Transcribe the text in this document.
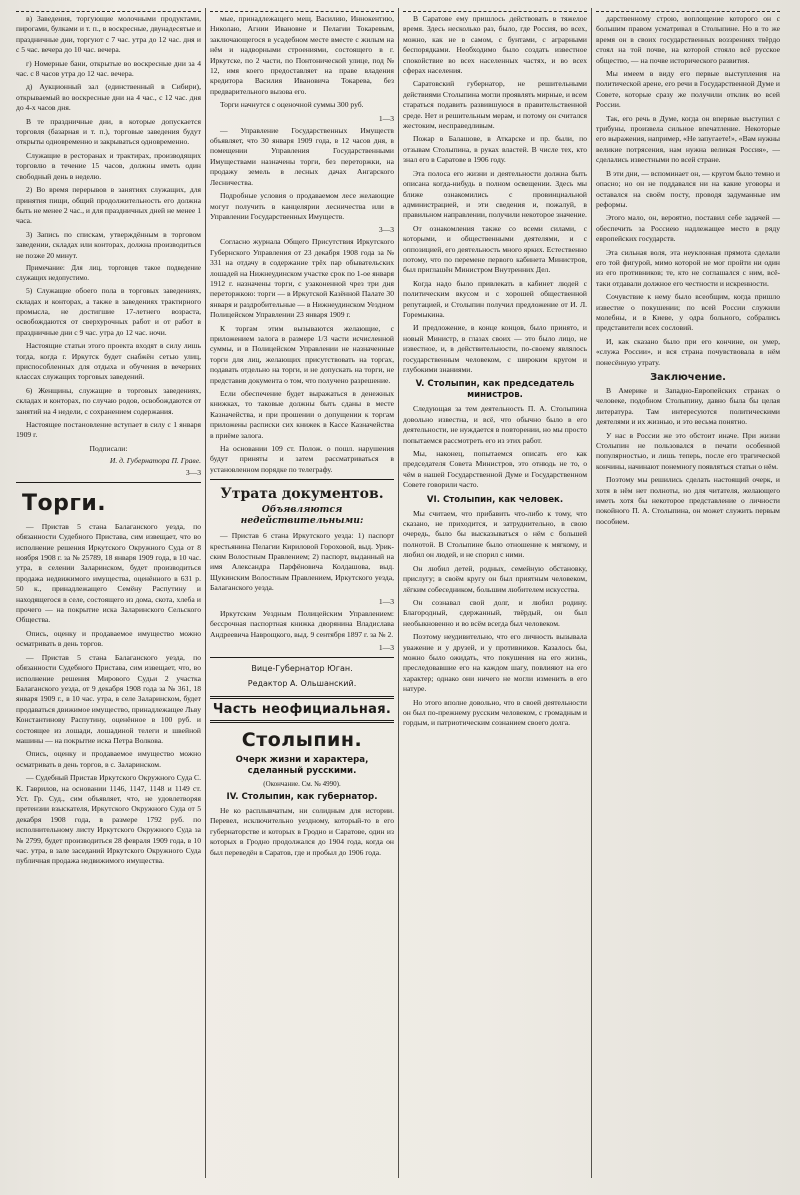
в) Заведения, торгующие молочными продуктами, пирогами, булками и т. п., в воскресные, двунадесятые и праздничные дни, торгуют с 7 час. утра до 12 час. дня и с 5 час. вечера до 10 час. вечера.

г) Номерные бани, открытые во воскресные дни за 4 час. с 8 часов утра до 12 час. вечера.

д) Аукционный зал (единственный в Сибири), открываемый во воскресные дни на 4 час., с 12 час. дня до 4-х часов дня.

В те праздничные дни, в которые допускается торговля (базарная и т. п.), торговые заведения будут открыты одновременно и закрываться одновременно.

Служащие в ресторанах и трактирах, производящих торговлю в течение 15 часов, должны иметь один свободный день в неделю.

2) Во время перерывов в занятиях служащих, для принятия пищи, общий продолжительность его должна быть не менее 2 час., и для праздничных дней не менее 1 часа.

3) Запись по спискам, утверждённым в торговом заведении, складах или конторах, должна производиться не позже 20 минут.

Примечание: Для лиц, торговцев такое подведение служащих недопустимо.

5) Служащие обоего пола в торговых заведениях, складах и конторах, а также в заведениях трактирного промысла, не достигшие 17-летнего возраста, освобождаются от сверхурочных работ и от работ в праздничные дни с 9 час. утра до 12 час. ночи.

Настоящие статьи этого проекта входят в силу лишь тогда, когда г. Иркутск будет снабжён сетью улиц, приспособленных для отдыха и обучения в вечерних классах служащих торговых заведений.

6) Женщины, служащие в торговых заведениях, складах и конторах, по случаю родов, освобождаются от занятий на 4 недели, с сохранением содержания.

Настоящее постановление вступает в силу с 1 января 1909 г.

Подписали:

И. д. Губернатора П. Граве.

3—3

Торги.

— Пристав 5 стана Балаганского уезда, по обязанности Судебного Пристава, сим извещает, что во исполнение решения Иркутского Окружного Суда от 8 ноября 1908 г. за № 25789, 18 января 1909 года, в 10 час. утра, в селении Заларинском, будет производиться продажа недвижимого имущества, оценённого в 631 р. 50 к., принадлежащего Семёну Распутину и находящегося в селе, состоящего из дома, скота, хлеба и прочего — на покрытие иска Заларинского Сельского Общества.

Опись, оценку и продаваемое имущество можно осматривать в день торгов.

— Пристав 5 стана Балаганского уезда, по обязанности Судебного Пристава, сим извещает, что, во исполнение решения Мирового Судьи 2 участка Балаганского уезда, от 9 декабря 1908 года за № 361, 18 января 1909 г., в 10 час. утра, в селе Заларинском, будет продаваться движимое имущество, принадлежащее Льву Константинову Распутину, оценённое в 100 руб. и состоящее из лошади, лошадиной телеги и швейной машины — на покрытие иска Петра Волкова.

Опись, оценку и продаваемое имущество можно осматривать в день торгов, в с. Заларинском.

— Судебный Пристав Иркутского Окружного Суда С. К. Гаврилов, на основании 1146, 1147, 1148 и 1149 ст. Уст. Гр. Суд., сим объявляет, что, не удовлетворяя претензии взыскателя, Иркутского Окружного Суда от 5 декабря 1908 года, в размере 1792 руб. по исполнительному листу Иркутского Окружного Суда за № 2799, будет производиться 28 февраля 1909 года, в 10 час. утра, в зале заседаний Иркутского Окружного Суда публичная продажа недвижимого имущества.

мые, принадлежащего мещ. Василию, Иннокентию, Николаю, Агнии Ивановне и Пелагии Токаревым, заключающегося в усадебном месте вместе с жилым на нём и надворными строениями, состоящего в г. Иркутске, по 2 части, по Понтонической улице, под № 12, имя коего предоставляет на праве владения кредитора Василия Ивановича Токарева, без предварительного вызова его.

Торги начнутся с оценочной суммы 300 руб.

1—3

— Управление Государственных Имуществ объявляет, что 30 января 1909 года, в 12 часов дня, в помещении Управления Государственными Имуществами назначены торги, без переторжки, на продажу земель в лесных дачах Ангарского Лесничества.

Подробные условия о продаваемом лесе желающие могут получить в канцелярии лесничества или в Управлении Государственных Имуществ.

3—3

Согласно журнала Общего Присутствия Иркутского Губернского Управления от 23 декабря 1908 года за № 331 на отдачу в содержание трёх пар обывательских лошадей на Нижнеудинском участке срок по 1-ое января 1912 г. назначены торги, с узаконенной чрез три дня переторжкою: торги — в Иркутской Казённой Палате 30 января и раздробительные — в Нижнеудинском Уездном Полицейском Управлении 23 января 1909 г.

К торгам этим вызываются желающие, с приложением залога в размере 1/3 части исчисленной суммы, и в Полицейском Управлении не назначенные торги для лиц, желающих присутствовать на торгах, подавать отдельно на торги, и не допускать на торги, не представив документа о том, что получено разрешение.

Если обеспечение будет выражаться в денежных книжках, то таковые должны быть сданы в месте Казначейства, и при прошении о допущении к торгам приложены расписки сих книжек в Кассе Казначейства в приёме залога.

На основании 109 ст. Полож. о пошл. нарушения будут приняты и затем рассматриваться в установленном порядке по телеграфу.

Утрата документов.
Объявляются недействительными:

— Пристав 6 стана Иркутского уезда: 1) паспорт крестьянина Пелагии Кириловой Гороховой, выд. Урик-ским Волостным Правлением; 2) паспорт, выданный на имя Александра Парфёновича Колдашова, выд. Щукинским Волостным Правлением, Иркутского уезда, Балаганского уезда.

1—3

Иркутским Уездным Полицейским Управлением: бессрочная паспортная книжка дворянина Владислава Андреевича Наврощкого, выд. 9 сентября 1897 г. за № 2.

1—3

Вице-Губернатор Юган.
Редактор А. Ольшанский.
Часть неофициальная.
Столыпин.
Очерк жизни и характера, сделанный русскими.
(Окончание. См. № 4990).
IV. Столыпин, как губернатор.

Не ко расплывчатым, ни солидным для истории. Перевел, исключительно уездному, который-то в его губернаторстве и которых в Гродно и Саратове, один из которых в Гродно продолжался до 1904 года, когда он был переведён в Саратов, где и пробыл до 1906 года.

В Саратове ему пришлось действовать в тяжелое время. Здесь несколько раз, было, где Россия, во всех, можно, как не в самом, с бунтами, с аграрными беспорядками. Необходимо было создать известное спокойствие во всех населенных частях, и во всех сферах населения.

Саратовский губернатор, не решительными действиями Столыпина могли проявлять мирные, и всем стараться подавить развившуюся в правительственной среде. Нет и решительным мерам, и потому он считался жестоким, несправедливым.

Пожар в Балашове, в Аткарске и пр. были, по отзывам Столыпина, в руках властей. В числе тех, кто знал его в Саратове в 1906 году.

Эта полоса его жизни и деятельности должна быть описана когда-нибудь в полном освещении. Здесь мы ближе ознакомились с провинциальной администрацией, и эти сведения и, пожалуй, в правильном направлении, получили некоторое значение.

От ознакомления также со всеми силами, с которыми, и общественными деятелями, и с оппозицией, его деятельность много ярких. Естественно потому, что по перемене первого кабинета Министров, был приглашён Министром Внутренних Дел.

Когда надо было привлекать в кабинет людей с политическим вкусом и с хорошей общественной репутацией, и Столыпин получил предложение от И. Л. Горемыкина.

И предложение, в конце концов, было принято, и новый Министр, в глазах своих — это было лицо, не известное, и, в действительности, по-своему являлось государственным человеком, с широким кругом и глубокими знаниями.

V. Столыпин, как председатель министров.

Следующая за тем деятельность П. А. Столыпина довольно известна, и всё, что обычно было в его деятельности, не нуждается в повторении, но мы просто попытаемся рассмотреть его из этих работ.

Мы, наконец, попытаемся описать его как председателя Совета Министров, это отнюдь не то, о чём в нашей Государственной Думе и Государственном Совете говорили часто.

VI. Столыпин, как человек.

Мы считаем, что прибавить что-либо к тому, что сказано, не приходится, и затруднительно, в свою очередь, было бы высказываться о нём с большей полнотой. В Столыпине было отношение к мягкому, и любил он людей, и не спорил с ними.

Он любил детей, родных, семейную обстановку, прислугу; в своём кругу он был приятным человеком, лёгким собеседником, большим любителем искусства.

Он сознавал свой долг, и любил родину. Благородный, сдержанный, твёрдый, он был необыкновенно и во всём всегда был человеком.

Поэтому неудивительно, что его личность вызывала уважение и у друзей, и у противников. Казалось бы, можно было ожидать, что покушения на его жизнь, преследовавшие его на каждом шагу, повлияют на его характер; однако они ничего не могли изменить в его натуре.

Но этого вполне довольно, что в своей деятельности он был по-прежнему русским человеком, с громадным и гордым, и патриотическим сознанием своего долга.

дарственному строю, воплощение которого он с большим правом усматривал в Столыпине. Но в то же время он в своих государственных воззрениях твёрдо стоял на той почве, на которой стояло всё русское общество, — на почве исторического развития.

Мы имеем в виду его первые выступления на политической арене, его речи в Государственной Думе и Совете, которые сразу же получили отклик во всей России.

Так, его речь в Думе, когда он впервые выступил с трибуны, произвела сильное впечатление. Некоторые его выражения, например, «Не запугаете!», «Вам нужны великие потрясения, нам нужна великая Россия», — сделались известными по всей стране.

В эти дни, — вспоминает он, — кругом было темно и опасно; но он не поддавался ни на какие уговоры и оставался на своём посту, проводя задуманные им реформы.

Этого мало, он, вероятно, поставил себе задачей — обеспечить за Россиею надлежащее место в ряду европейских государств.

Эта сильная воля, эта неуклонная прямота сделали его той фигурой, мимо которой не мог пройти ни один из его противников; те, кто не соглашался с ним, всё-таки отдавали должное его честности и искренности.

Сочувствие к нему было всеобщим, когда пришло известие о покушении; по всей России служили молебны, и в Киеве, у одра больного, собрались представители всех сословий.

И, как сказано было при его кончине, он умер, «служа России», и вся страна почувствовала в нём понесённую утрату.

Заключение.

В Америке и Западно-Европейских странах о человеке, подобном Столыпину, давно была бы целая литература. Там интересуются политическими деятелями и их жизнью, и это весьма понятно.

У нас в России же это обстоит иначе. При жизни Столыпин не пользовался в печати особенной популярностью, и лишь теперь, после его трагической кончины, начинают понемногу появляться статьи о нём.

Поэтому мы решились сделать настоящий очерк, и хотя в нём нет полноты, но для читателя, желающего иметь хотя бы некоторое представление о личности покойного П. А. Столыпина, он может служить первым пособием.
